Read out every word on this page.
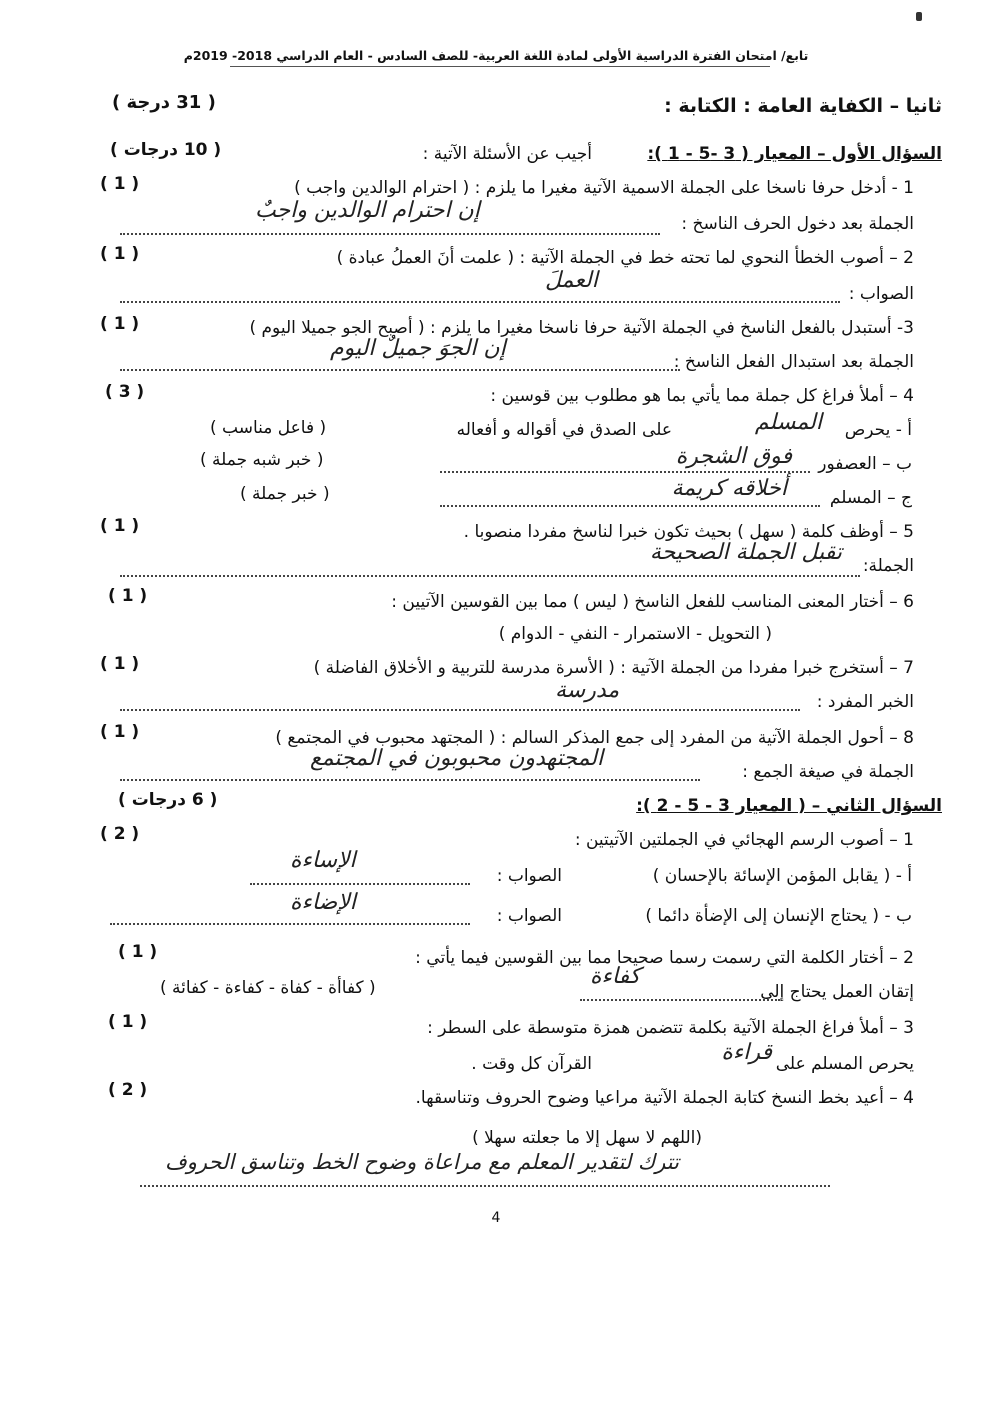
تابع/ امتحان الفترة الدراسية الأولى لمادة اللغة العربية- للصف السادس - العام الدراسي 2018- 2019م
ثانيا – الكفاية العامة : الكتابة :
( 31 درجة )
السؤال الأول – المعيار ( 3 -5 - 1 ):
أجيب عن الأسئلة الآتية :
( 10 درجات )
1 - أدخل حرفا ناسخا على الجملة الاسمية الآتية مغيرا ما يلزم : ( احترام الوالدين واجب )
( 1 )
الجملة بعد دخول الحرف الناسخ :
إن احترام الوالدين واجبٌ
2 – أصوب الخطأ النحوي لما تحته خط في الجملة الآتية : ( علمت أنَ العملُ عبادة )
( 1 )
الصواب :
العملَ
3- أستبدل بالفعل الناسخ في الجملة الآتية حرفا ناسخا مغيرا ما يلزم : ( أصبح الجو جميلا اليوم )
( 1 )
الجملة بعد استبدال الفعل الناسخ :
إن الجوَ جميلٌ اليوم
4 – أملأ فراغ كل جملة مما يأتي بما هو مطلوب بين قوسين :
( 3 )
أ - يحرص
المسلم
على الصدق في أقواله و أفعاله
( فاعل مناسب )
ب – العصفور
فوق الشجرة
( خبر شبه جملة )
ج – المسلم
أخلاقه كريمة
( خبر جملة )
5 – أوظف كلمة ( سهل ) بحيث تكون خبرا لناسخ مفردا منصوبا .
( 1 )
الجملة:
تقبل الجملة الصحيحة
6 – أختار المعنى المناسب للفعل الناسخ ( ليس ) مما بين القوسين الآتيين :
( 1 )
( التحويل - الاستمرار - النفي - الدوام )
7 – أستخرج خبرا مفردا من الجملة الآتية : ( الأسرة مدرسة للتربية و الأخلاق الفاضلة )
( 1 )
الخبر المفرد :
مدرسة
8 – أحول الجملة الآتية من المفرد إلى جمع المذكر السالم : ( المجتهد محبوب في المجتمع )
( 1 )
الجملة في صيغة الجمع :
المجتهدون محبوبون في المجتمع
السؤال الثاني – ( المعيار 3 - 5 - 2 ):
( 6 درجات )
1 – أصوب الرسم الهجائي في الجملتين الآتيتين :
( 2 )
أ - ( يقابل المؤمن الإسائة بالإحسان )
الصواب :
الإساءة
ب - ( يحتاج الإنسان إلى الإضأة دائما )
الصواب :
الإضاءة
2 – أختار الكلمة التي رسمت رسما صحيحا مما بين القوسين فيما يأتي :
( 1 )
إتقان العمل يحتاج إلى
كفاءة
( كفاأة - كفاة - كفاءة - كفائة )
3 – أملأ فراغ الجملة الآتية بكلمة تتضمن همزة متوسطة على السطر :
( 1 )
يحرص المسلم على
قراءة
القرآن كل وقت .
4 – أعيد بخط النسخ كتابة الجملة الآتية مراعيا وضوح الحروف وتناسقها.
( 2 )
(اللهم لا سهل إلا ما جعلته سهلا )
تترك لتقدير المعلم مع مراعاة وضوح الخط وتناسق الحروف
4
